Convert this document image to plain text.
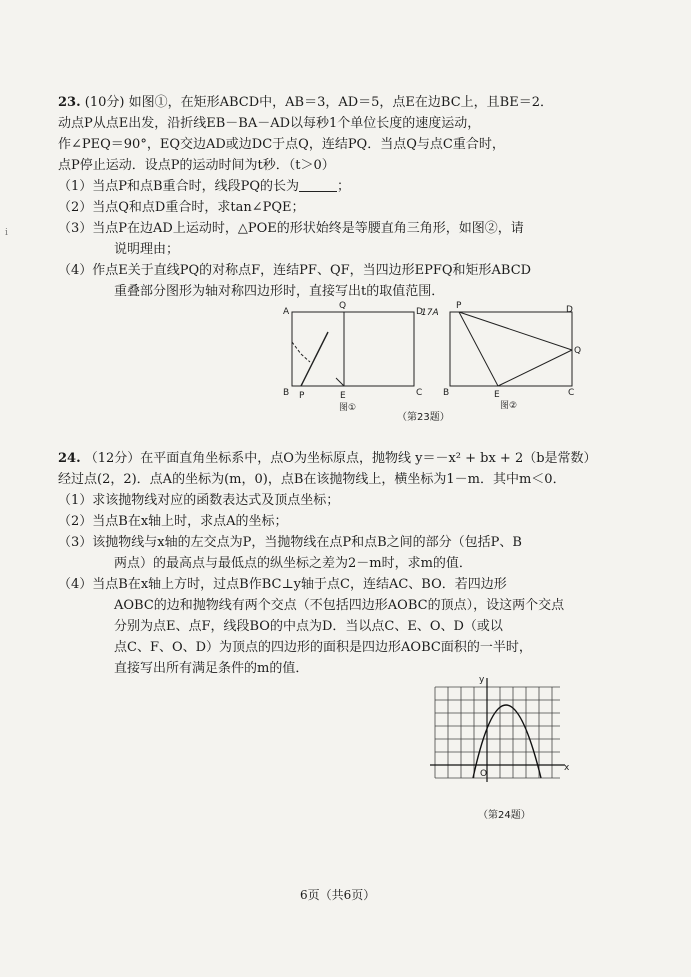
i
23. (10分) 如图①，在矩形ABCD中，AB＝3，AD＝5，点E在边BC上，且BE＝2．
动点P从点E出发，沿折线EB－BA－AD以每秒1个单位长度的速度运动，
作∠PEQ＝90°，EQ交边AD或边DC于点Q，连结PQ．当点Q与点C重合时，
点P停止运动．设点P的运动时间为t秒．（t＞0）
（1）当点P和点B重合时，线段PQ的长为	；
（2）当点Q和点D重合时，求tan∠PQE；
（3）当点P在边AD上运动时，△POE的形状始终是等腰直角三角形，如图②，请
说明理由；
（4）作点E关于直线PQ的对称点F，连结PF、QF，当四边形EPFQ和矩形ABCD
重叠部分图形为轴对称四边形时，直接写出t的取值范围．
A
Q
D
B P	E	C
图①
17A
P	D
Q
B	E	C
图②
（第23题）
24. （12分）在平面直角坐标系中，点O为坐标原点，抛物线 y＝－x² + bx + 2（b是常数）
经过点(2，2)．点A的坐标为(m，0)，点B在该抛物线上，横坐标为1－m．其中m＜0．
（1）求该抛物线对应的函数表达式及顶点坐标；
（2）当点B在x轴上时，求点A的坐标；
（3）该抛物线与x轴的左交点为P，当抛物线在点P和点B之间的部分（包括P、B
两点）的最高点与最低点的纵坐标之差为2－m时，求m的值．
（4）当点B在x轴上方时，过点B作BC⊥y轴于点C，连结AC、BO．若四边形
AOBC的边和抛物线有两个交点（不包括四边形AOBC的顶点），设这两个交点
分别为点E、点F，线段BO的中点为D．当以点C、E、O、D（或以
点C、F、O、D）为顶点的四边形的面积是四边形AOBC面积的一半时，
直接写出所有满足条件的m的值．
y
x
O
（第24题）
6页（共6页）
